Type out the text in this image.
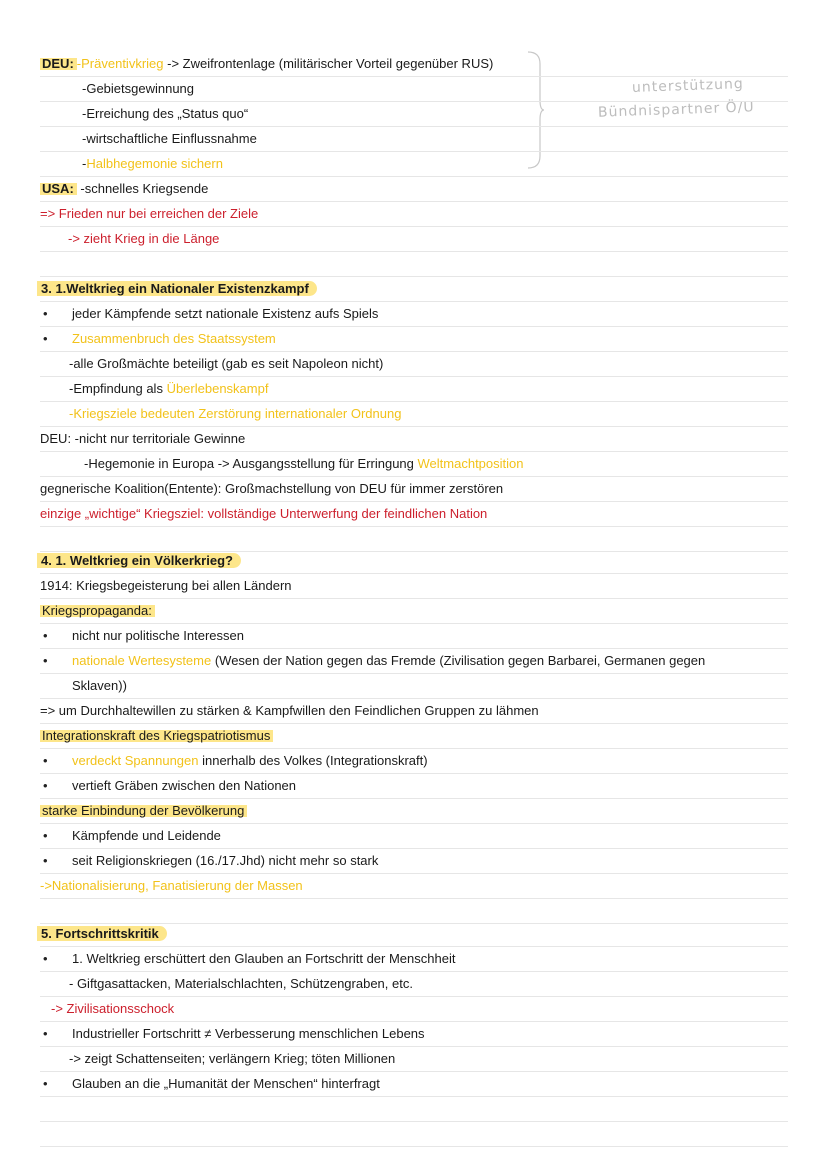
unterstützung
Bündnispartner Ö/U
DEU: -Präventivkrieg -> Zweifrontenlage (militärischer Vorteil gegenüber RUS)
-Gebietsgewinnung
-Erreichung des „Status quo“
-wirtschaftliche Einflussnahme
-Halbhegemonie sichern
USA: -schnelles Kriegsende
=> Frieden nur bei erreichen der Ziele
-> zieht Krieg in die Länge
3. 1.Weltkrieg ein Nationaler Existenzkampf
• jeder Kämpfende setzt nationale Existenz aufs Spiels
• Zusammenbruch des Staatssystem
-alle Großmächte beteiligt (gab es seit Napoleon nicht)
-Empfindung als Überlebenskampf
-Kriegsziele bedeuten Zerstörung internationaler Ordnung
DEU: -nicht nur territoriale Gewinne
-Hegemonie in Europa -> Ausgangsstellung für Erringung Weltmachtposition
gegnerische Koalition(Entente): Großmachstellung von DEU für immer zerstören
einzige „wichtige“ Kriegsziel: vollständige Unterwerfung der feindlichen Nation
4. 1. Weltkrieg ein Völkerkrieg?
1914: Kriegsbegeisterung bei allen Ländern
Kriegspropaganda:
• nicht nur politische Interessen
• nationale Wertesysteme (Wesen der Nation gegen das Fremde (Zivilisation gegen Barbarei, Germanen gegen
Sklaven))
=> um Durchhaltewillen zu stärken & Kampfwillen den Feindlichen Gruppen zu lähmen
Integrationskraft des Kriegspatriotismus
• verdeckt Spannungen innerhalb des Volkes (Integrationskraft)
• vertieft Gräben zwischen den Nationen
starke Einbindung der Bevölkerung
• Kämpfende und Leidende
• seit Religionskriegen (16./17.Jhd) nicht mehr so stark
->Nationalisierung, Fanatisierung der Massen
5. Fortschrittskritik
• 1. Weltkrieg erschüttert den Glauben an Fortschritt der Menschheit
- Giftgasattacken, Materialschlachten, Schützengraben, etc.
-> Zivilisationsschock
• Industrieller Fortschritt ≠ Verbesserung menschlichen Lebens
-> zeigt Schattenseiten; verlängern Krieg; töten Millionen
• Glauben an die „Humanität der Menschen“ hinterfragt
